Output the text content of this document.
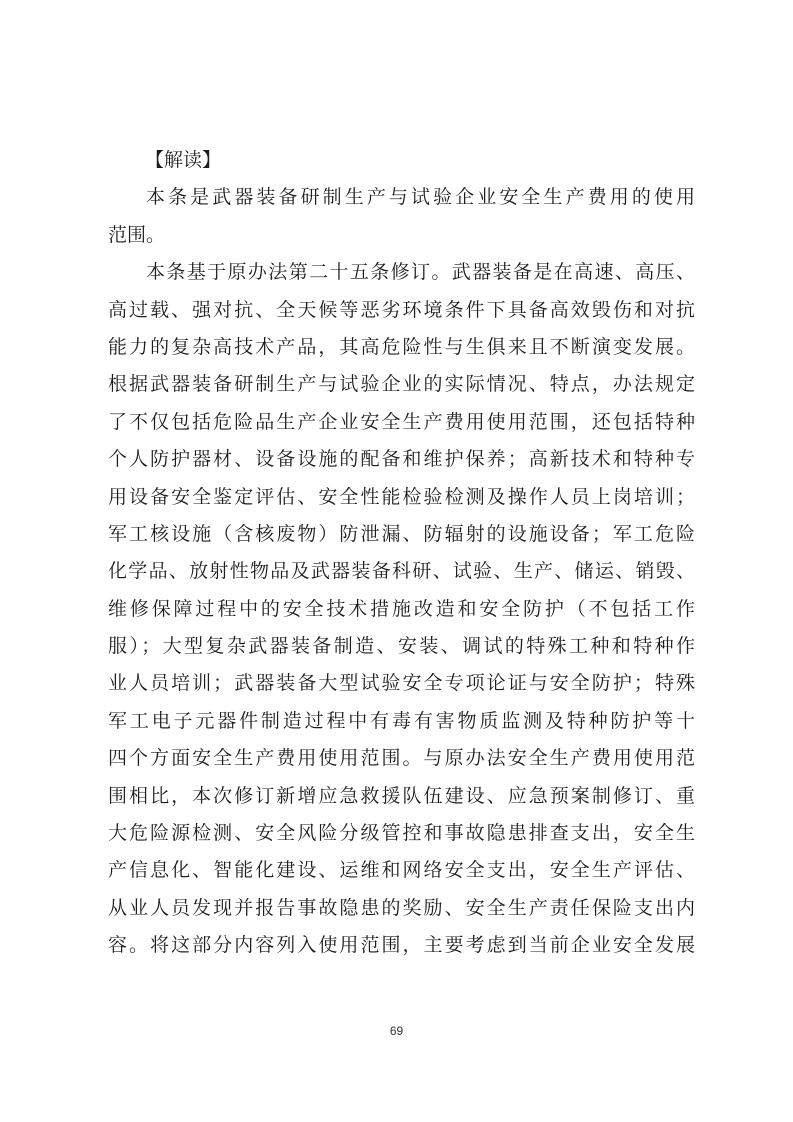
【解读】
本条是武器装备研制生产与试验企业安全生产费用的使用
范围。
本条基于原办法第二十五条修订。武器装备是在高速、高压、
高过载、强对抗、全天候等恶劣环境条件下具备高效毁伤和对抗
能力的复杂高技术产品，其高危险性与生俱来且不断演变发展。
根据武器装备研制生产与试验企业的实际情况、特点，办法规定
了不仅包括危险品生产企业安全生产费用使用范围，还包括特种
个人防护器材、设备设施的配备和维护保养；高新技术和特种专
用设备安全鉴定评估、安全性能检验检测及操作人员上岗培训；
军工核设施（含核废物）防泄漏、防辐射的设施设备；军工危险
化学品、放射性物品及武器装备科研、试验、生产、储运、销毁、
维修保障过程中的安全技术措施改造和安全防护（不包括工作
服）；大型复杂武器装备制造、安装、调试的特殊工种和特种作
业人员培训；武器装备大型试验安全专项论证与安全防护；特殊
军工电子元器件制造过程中有毒有害物质监测及特种防护等十
四个方面安全生产费用使用范围。与原办法安全生产费用使用范
围相比，本次修订新增应急救援队伍建设、应急预案制修订、重
大危险源检测、安全风险分级管控和事故隐患排查支出，安全生
产信息化、智能化建设、运维和网络安全支出，安全生产评估、
从业人员发现并报告事故隐患的奖励、安全生产责任保险支出内
容。将这部分内容列入使用范围，主要考虑到当前企业安全发展
69
